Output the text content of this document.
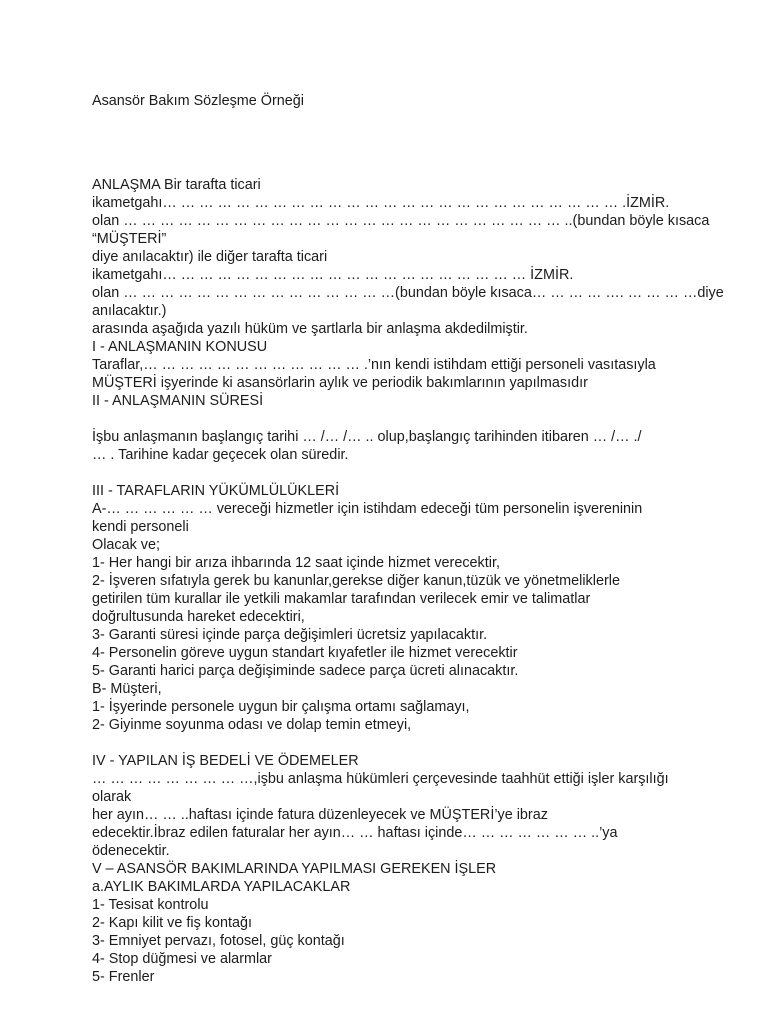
Asansör Bakım Sözleşme Örneği
ANLAŞMA Bir tarafta ticari
ikametgahı… … … … … … … … … … … … … … … … … … … … … … … … … .İZMİR.
olan … … … … … … … … … … … … … … … … … … … … … … … … ..(bundan böyle kısaca
“MÜŞTERİ”
diye anılacaktır) ile diğer tarafta ticari
ikametgahı… … … … … … … … … … … … … … … … … … … … İZMİR.
olan … … … … … … … … … … … … … … …(bundan böyle kısaca… … … … …. … … … …diye
anılacaktır.)
arasında aşağıda yazılı hüküm ve şartlarla bir anlaşma akdedilmiştir.
I - ANLAŞMANIN KONUSU
Taraflar,… … … … … … … … … … … … .’nın kendi istihdam ettiği personeli vasıtasıyla
MÜŞTERİ işyerinde ki asansörlarin aylık ve periodik bakımlarının yapılmasıdır
II - ANLAŞMANIN SÜRESİ
İşbu anlaşmanın başlangıç tarihi … /… /… .. olup,başlangıç tarihinden itibaren … /… ./
… . Tarihine kadar geçecek olan süredir.
III - TARAFLARIN YÜKÜMLÜLÜKLERİ
A-… … … … … … vereceği hizmetler için istihdam edeceği tüm personelin işvereninin
kendi personeli
Olacak ve;
1- Her hangi bir arıza ihbarında 12 saat içinde hizmet verecektir,
2- İşveren sıfatıyla gerek bu kanunlar,gerekse diğer kanun,tüzük ve yönetmeliklerle
getirilen tüm kurallar ile yetkili makamlar tarafından verilecek emir ve talimatlar
doğrultusunda hareket edecektiri,
3- Garanti süresi içinde parça değişimleri ücretsiz yapılacaktır.
4- Personelin göreve uygun standart kıyafetler ile hizmet verecektir
5- Garanti harici parça değişiminde sadece parça ücreti alınacaktır.
B- Müşteri,
1- İşyerinde personele uygun bir çalışma ortamı sağlamayı,
2- Giyinme soyunma odası ve dolap temin etmeyi,
IV - YAPILAN İŞ BEDELİ VE ÖDEMELER
… … … … … … … … …,işbu anlaşma hükümleri çerçevesinde taahhüt ettiği işler karşılığı
olarak
her ayın… … ..haftası içinde fatura düzenleyecek ve MÜŞTERİ’ye ibraz
edecektir.İbraz edilen faturalar her ayın… … haftası içinde… … … … … … … ..’ya
ödenecektir.
V – ASANSÖR BAKIMLARINDA YAPILMASI GEREKEN İŞLER
a.AYLIK BAKIMLARDA YAPILACAKLAR
1- Tesisat kontrolu
2- Kapı kilit ve fiş kontağı
3- Emniyet pervazı, fotosel, güç kontağı
4- Stop düğmesi ve alarmlar
5- Frenler
